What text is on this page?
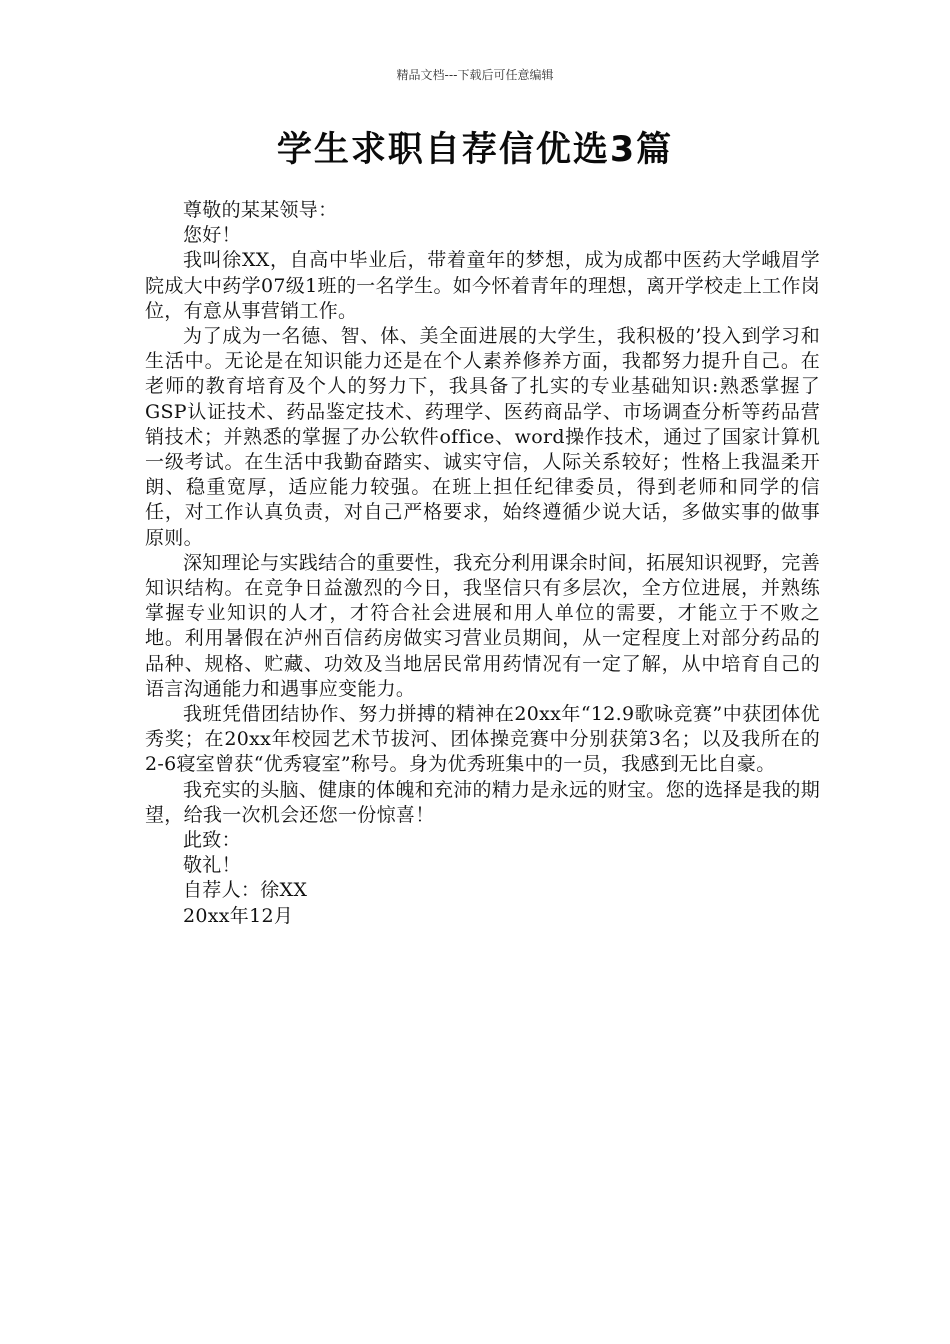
精品文档---下载后可任意编辑
学生求职自荐信优选3篇

尊敬的某某领导：

您好！

我叫徐XX，自高中毕业后，带着童年的梦想，成为成都中医药大学峨眉学院成大中药学07级1班的一名学生。如今怀着青年的理想，离开学校走上工作岗位，有意从事营销工作。

为了成为一名德、智、体、美全面进展的大学生，我积极的’投入到学习和生活中。无论是在知识能力还是在个人素养修养方面，我都努力提升自己。在老师的教育培育及个人的努力下，我具备了扎实的专业基础知识:熟悉掌握了GSP认证技术、药品鉴定技术、药理学、医药商品学、市场调查分析等药品营销技术；并熟悉的掌握了办公软件office、word操作技术，通过了国家计算机一级考试。在生活中我勤奋踏实、诚实守信，人际关系较好；性格上我温柔开朗、稳重宽厚，适应能力较强。在班上担任纪律委员，得到老师和同学的信任，对工作认真负责，对自己严格要求，始终遵循少说大话，多做实事的做事原则。

深知理论与实践结合的重要性，我充分利用课余时间，拓展知识视野，完善知识结构。在竞争日益激烈的今日，我坚信只有多层次，全方位进展，并熟练掌握专业知识的人才，才符合社会进展和用人单位的需要，才能立于不败之地。利用暑假在泸州百信药房做实习营业员期间，从一定程度上对部分药品的品种、规格、贮藏、功效及当地居民常用药情况有一定了解，从中培育自己的语言沟通能力和遇事应变能力。

我班凭借团结协作、努力拼搏的精神在20xx年“12.9歌咏竞赛”中获团体优秀奖；在20xx年校园艺术节拔河、团体操竞赛中分别获第3名；以及我所在的2-6寝室曾获“优秀寝室”称号。身为优秀班集中的一员，我感到无比自豪。

我充实的头脑、健康的体魄和充沛的精力是永远的财宝。您的选择是我的期望，给我一次机会还您一份惊喜！

此致：

敬礼！

自荐人：徐XX

20xx年12月
